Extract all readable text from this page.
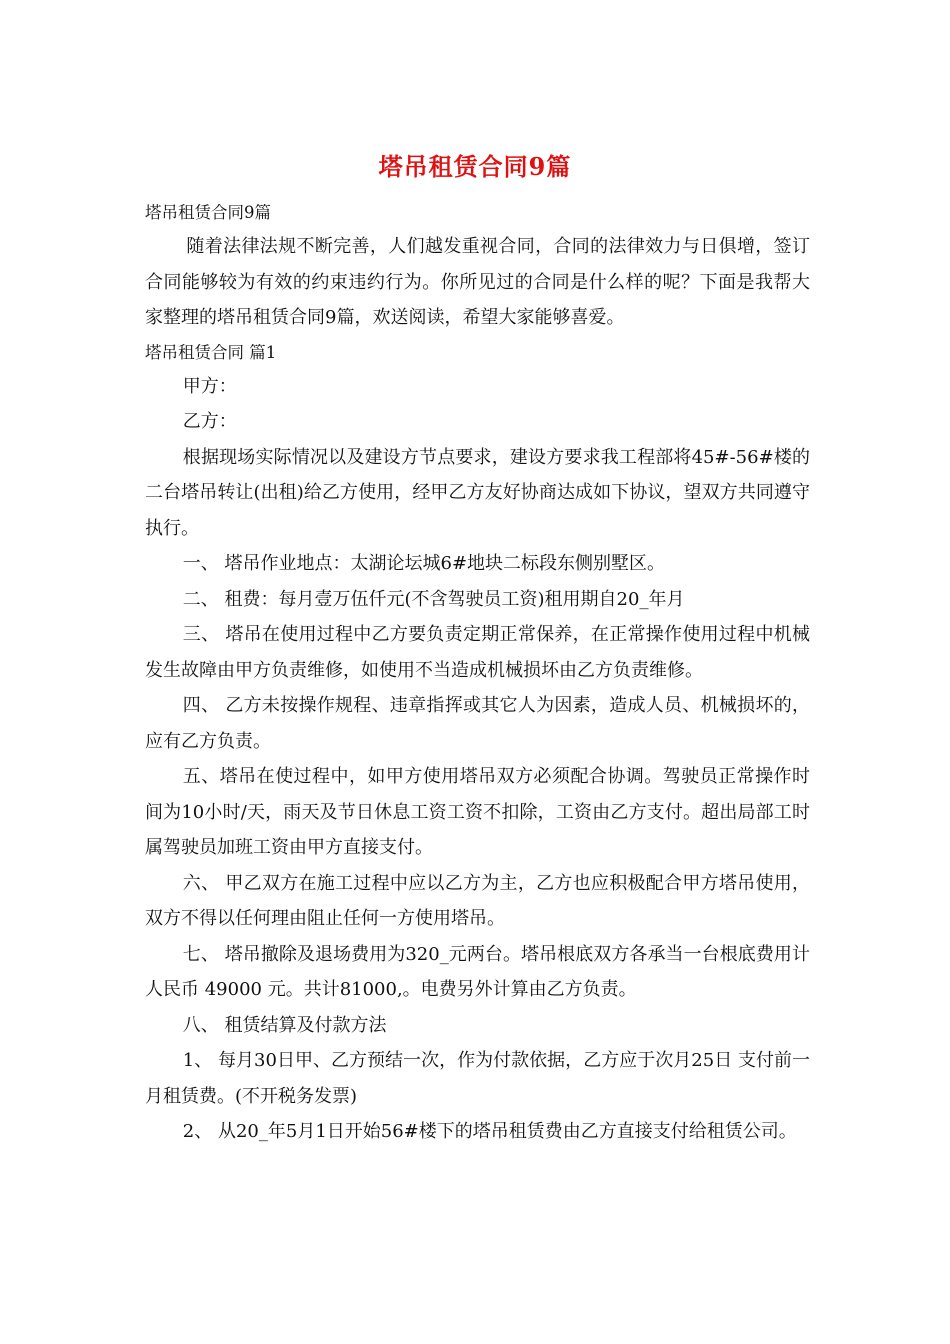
塔吊租赁合同9篇

塔吊租赁合同9篇

随着法律法规不断完善，人们越发重视合同，合同的法律效力与日俱增，签订合同能够较为有效的约束违约行为。你所见过的合同是什么样的呢？下面是我帮大家整理的塔吊租赁合同9篇，欢送阅读，希望大家能够喜爱。

塔吊租赁合同 篇1

甲方：

乙方：

根据现场实际情况以及建设方节点要求，建设方要求我工程部将45#-56#楼的二台塔吊转让(出租)给乙方使用，经甲乙方友好协商达成如下协议，望双方共同遵守执行。

一、 塔吊作业地点：太湖论坛城6#地块二标段东侧别墅区。

二、 租费：每月壹万伍仟元(不含驾驶员工资)租用期自20_年月

三、 塔吊在使用过程中乙方要负责定期正常保养，在正常操作使用过程中机械发生故障由甲方负责维修，如使用不当造成机械损坏由乙方负责维修。

四、 乙方未按操作规程、违章指挥或其它人为因素，造成人员、机械损坏的，应有乙方负责。

五、塔吊在使过程中，如甲方使用塔吊双方必须配合协调。驾驶员正常操作时间为10小时/天，雨天及节日休息工资工资不扣除，工资由乙方支付。超出局部工时属驾驶员加班工资由甲方直接支付。

六、 甲乙双方在施工过程中应以乙方为主，乙方也应积极配合甲方塔吊使用，双方不得以任何理由阻止任何一方使用塔吊。

七、 塔吊撤除及退场费用为320_元两台。塔吊根底双方各承当一台根底费用计人民币 49000 元。共计81000,。电费另外计算由乙方负责。

八、 租赁结算及付款方法

1、 每月30日甲、乙方预结一次，作为付款依据，乙方应于次月25日 支付前一月租赁费。(不开税务发票)

2、 从20_年5月1日开始56#楼下的塔吊租赁费由乙方直接支付给租赁公司。
